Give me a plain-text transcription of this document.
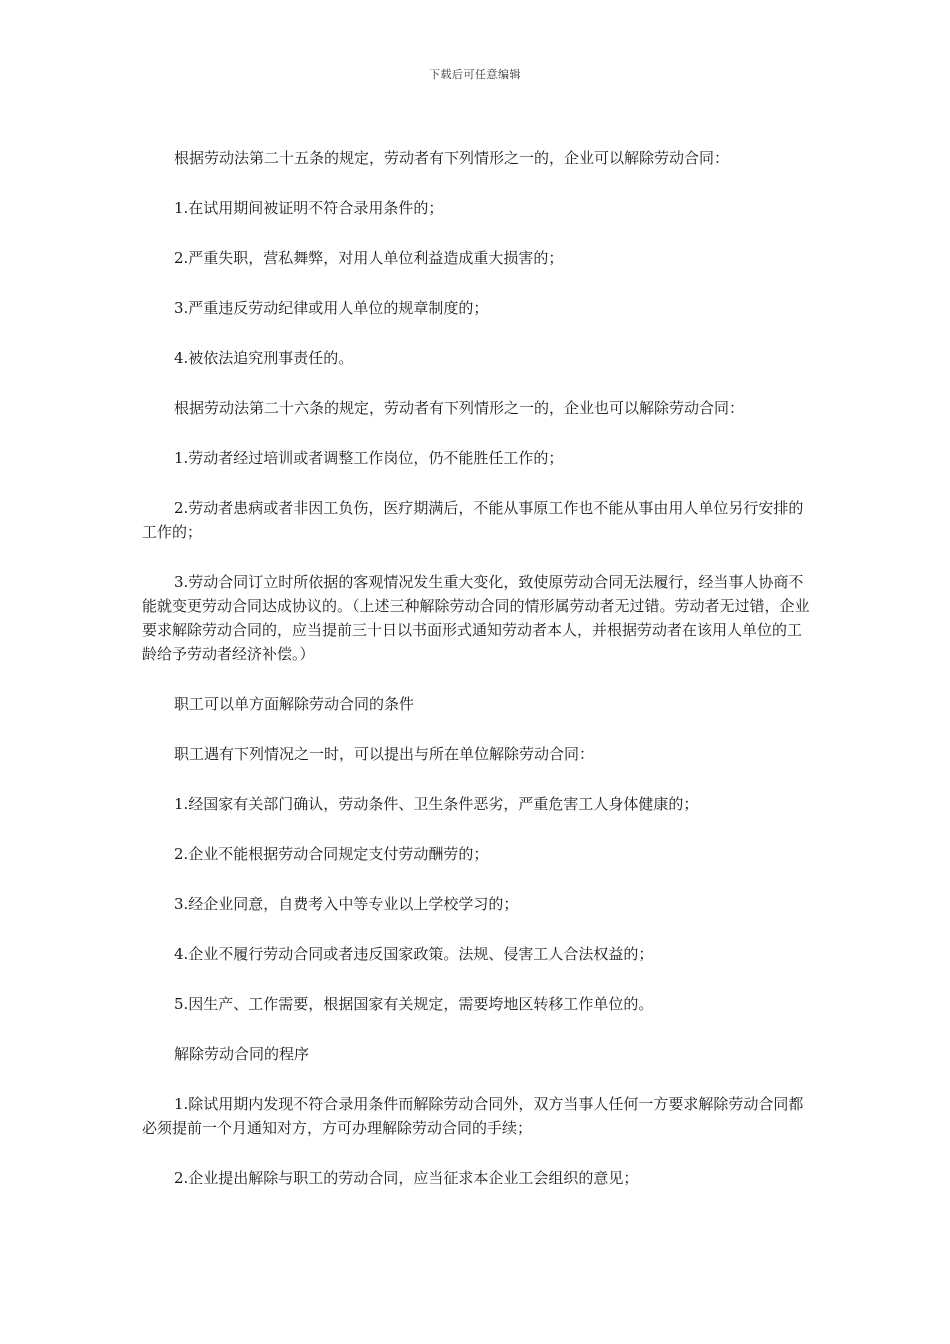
下载后可任意编辑

根据劳动法第二十五条的规定，劳动者有下列情形之一的，企业可以解除劳动合同：

1.在试用期间被证明不符合录用条件的；

2.严重失职，营私舞弊，对用人单位利益造成重大损害的；

3.严重违反劳动纪律或用人单位的规章制度的；

4.被依法追究刑事责任的。

根据劳动法第二十六条的规定，劳动者有下列情形之一的，企业也可以解除劳动合同：

1.劳动者经过培训或者调整工作岗位，仍不能胜任工作的；

2.劳动者患病或者非因工负伤，医疗期满后，不能从事原工作也不能从事由用人单位另行安排的工作的；

3.劳动合同订立时所依据的客观情况发生重大变化，致使原劳动合同无法履行，经当事人协商不能就变更劳动合同达成协议的。（上述三种解除劳动合同的情形属劳动者无过错。劳动者无过错，企业要求解除劳动合同的，应当提前三十日以书面形式通知劳动者本人，并根据劳动者在该用人单位的工龄给予劳动者经济补偿。）

职工可以单方面解除劳动合同的条件

职工遇有下列情况之一时，可以提出与所在单位解除劳动合同：

1.经国家有关部门确认，劳动条件、卫生条件恶劣，严重危害工人身体健康的；

2.企业不能根据劳动合同规定支付劳动酬劳的；

3.经企业同意，自费考入中等专业以上学校学习的；

4.企业不履行劳动合同或者违反国家政策。法规、侵害工人合法权益的；

5.因生产、工作需要，根据国家有关规定，需要垮地区转移工作单位的。

解除劳动合同的程序

1.除试用期内发现不符合录用条件而解除劳动合同外，双方当事人任何一方要求解除劳动合同都必须提前一个月通知对方，方可办理解除劳动合同的手续；

2.企业提出解除与职工的劳动合同，应当征求本企业工会组织的意见；
